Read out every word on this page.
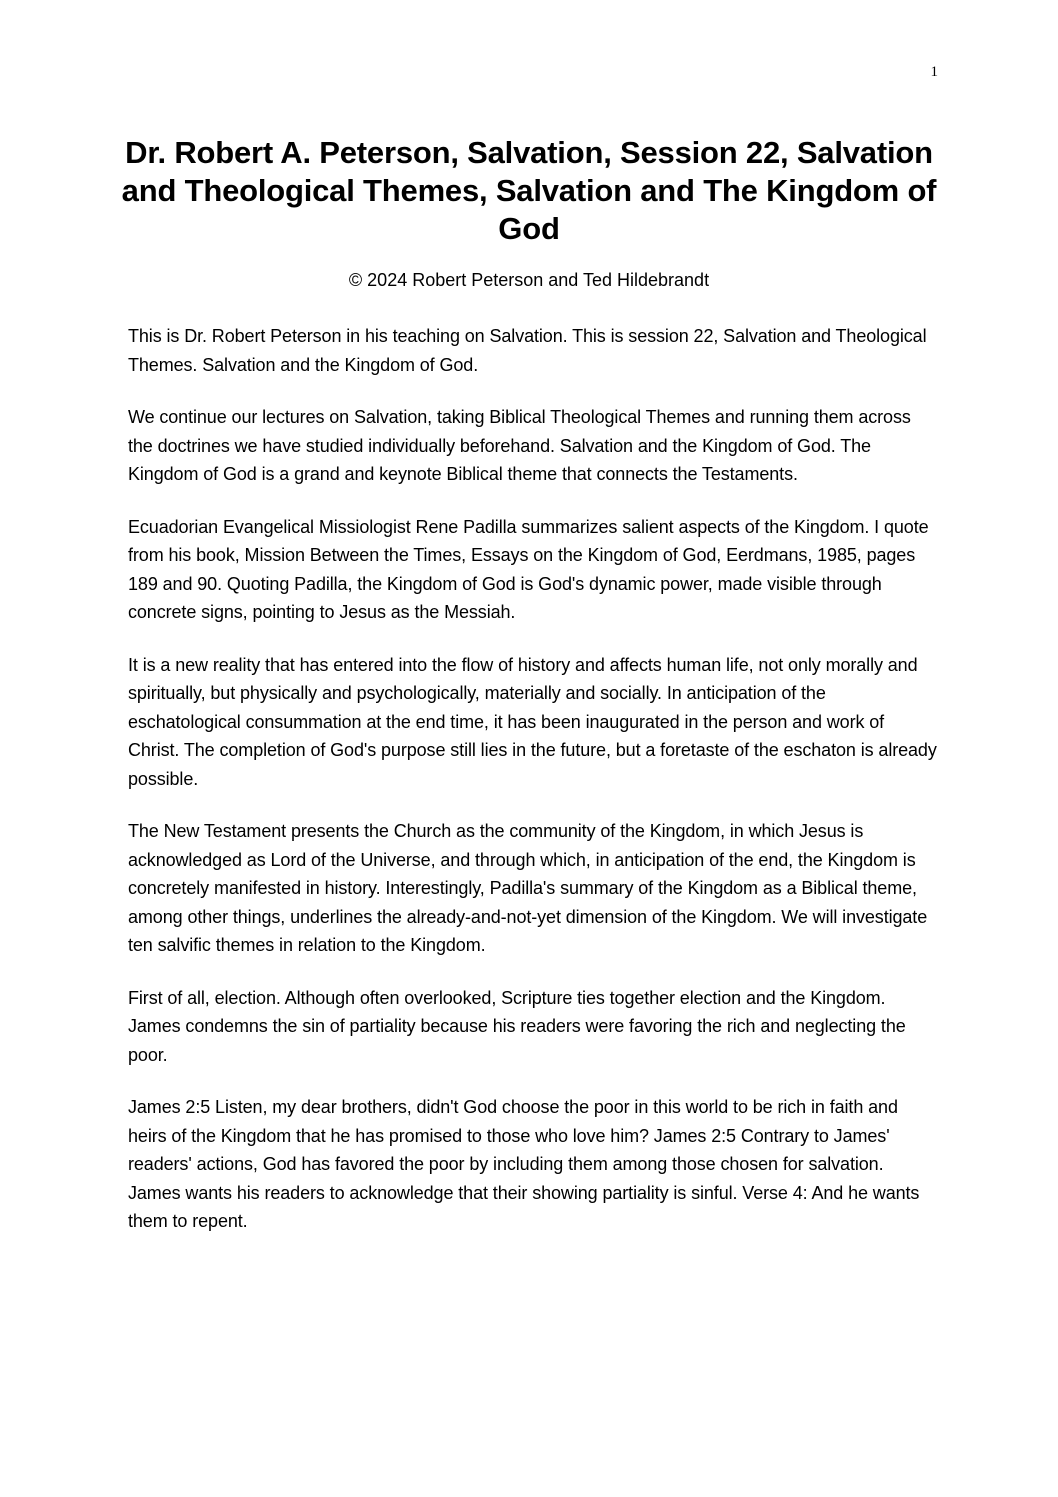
1
Dr. Robert A. Peterson, Salvation, Session 22, Salvation and Theological Themes, Salvation and The Kingdom of God
© 2024 Robert Peterson and Ted Hildebrandt

This is Dr. Robert Peterson in his teaching on Salvation. This is session 22, Salvation and Theological Themes. Salvation and the Kingdom of God.

We continue our lectures on Salvation, taking Biblical Theological Themes and running them across the doctrines we have studied individually beforehand. Salvation and the Kingdom of God. The Kingdom of God is a grand and keynote Biblical theme that connects the Testaments.

Ecuadorian Evangelical Missiologist Rene Padilla summarizes salient aspects of the Kingdom. I quote from his book, Mission Between the Times, Essays on the Kingdom of God, Eerdmans, 1985, pages 189 and 90. Quoting Padilla, the Kingdom of God is God's dynamic power, made visible through concrete signs, pointing to Jesus as the Messiah.

It is a new reality that has entered into the flow of history and affects human life, not only morally and spiritually, but physically and psychologically, materially and socially. In anticipation of the eschatological consummation at the end time, it has been inaugurated in the person and work of Christ. The completion of God's purpose still lies in the future, but a foretaste of the eschaton is already possible.

The New Testament presents the Church as the community of the Kingdom, in which Jesus is acknowledged as Lord of the Universe, and through which, in anticipation of the end, the Kingdom is concretely manifested in history. Interestingly, Padilla's summary of the Kingdom as a Biblical theme, among other things, underlines the already-and-not-yet dimension of the Kingdom. We will investigate ten salvific themes in relation to the Kingdom.

First of all, election. Although often overlooked, Scripture ties together election and the Kingdom. James condemns the sin of partiality because his readers were favoring the rich and neglecting the poor.

James 2:5 Listen, my dear brothers, didn't God choose the poor in this world to be rich in faith and heirs of the Kingdom that he has promised to those who love him? James 2:5 Contrary to James' readers' actions, God has favored the poor by including them among those chosen for salvation. James wants his readers to acknowledge that their showing partiality is sinful. Verse 4: And he wants them to repent.
